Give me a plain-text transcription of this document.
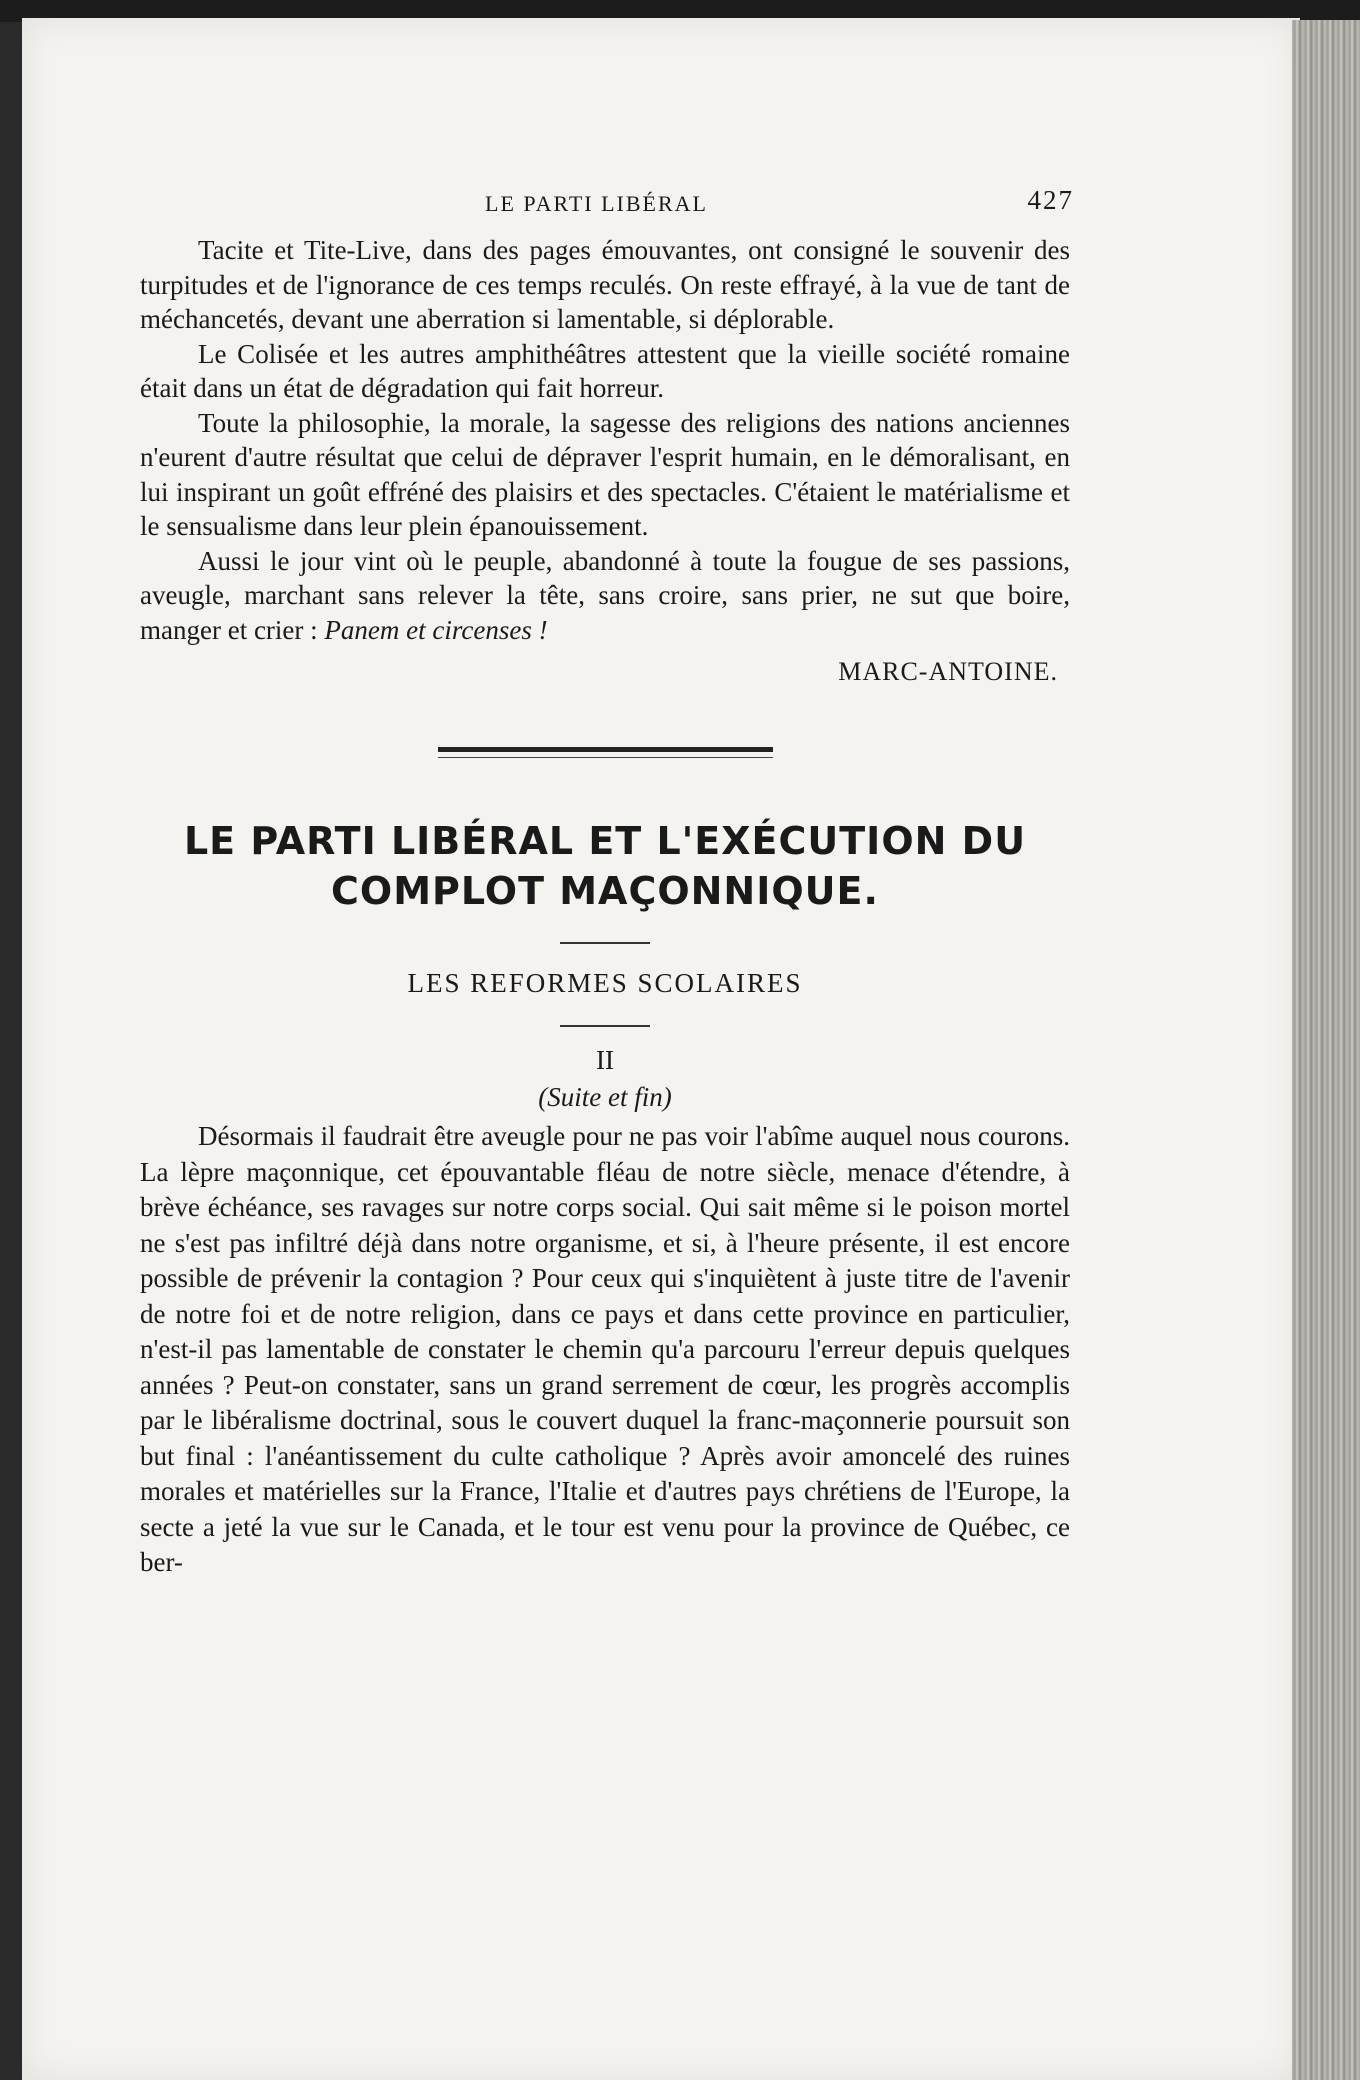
LE PARTI LIBÉRAL	427

Tacite et Tite-Live, dans des pages émouvantes, ont consigné le souvenir des turpitudes et de l'ignorance de ces temps reculés. On reste effrayé, à la vue de tant de méchancetés, devant une aberration si lamentable, si déplorable.

Le Colisée et les autres amphithéâtres attestent que la vieille société romaine était dans un état de dégradation qui fait horreur.

Toute la philosophie, la morale, la sagesse des religions des nations anciennes n'eurent d'autre résultat que celui de dépraver l'esprit humain, en le démoralisant, en lui inspirant un goût effréné des plaisirs et des spectacles. C'étaient le matérialisme et le sensualisme dans leur plein épanouissement.

Aussi le jour vint où le peuple, abandonné à toute la fougue de ses passions, aveugle, marchant sans relever la tête, sans croire, sans prier, ne sut que boire, manger et crier : Panem et circenses !

MARC-ANTOINE.
LE PARTI LIBÉRAL ET L'EXÉCUTION DU
COMPLOT MAÇONNIQUE.
LES REFORMES SCOLAIRES
II
(Suite et fin)

Désormais il faudrait être aveugle pour ne pas voir l'abîme auquel nous courons. La lèpre maçonnique, cet épouvantable fléau de notre siècle, menace d'étendre, à brève échéance, ses ravages sur notre corps social. Qui sait même si le poison mortel ne s'est pas infiltré déjà dans notre organisme, et si, à l'heure présente, il est encore possible de prévenir la contagion ? Pour ceux qui s'inquiètent à juste titre de l'avenir de notre foi et de notre religion, dans ce pays et dans cette province en particulier, n'est-il pas lamentable de constater le chemin qu'a parcouru l'erreur depuis quelques années ? Peut-on constater, sans un grand serrement de cœur, les progrès accomplis par le libéralisme doctrinal, sous le couvert duquel la franc-maçonnerie poursuit son but final : l'anéantissement du culte catholique ? Après avoir amoncelé des ruines morales et matérielles sur la France, l'Italie et d'autres pays chrétiens de l'Europe, la secte a jeté la vue sur le Canada, et le tour est venu pour la province de Québec, ce ber-
